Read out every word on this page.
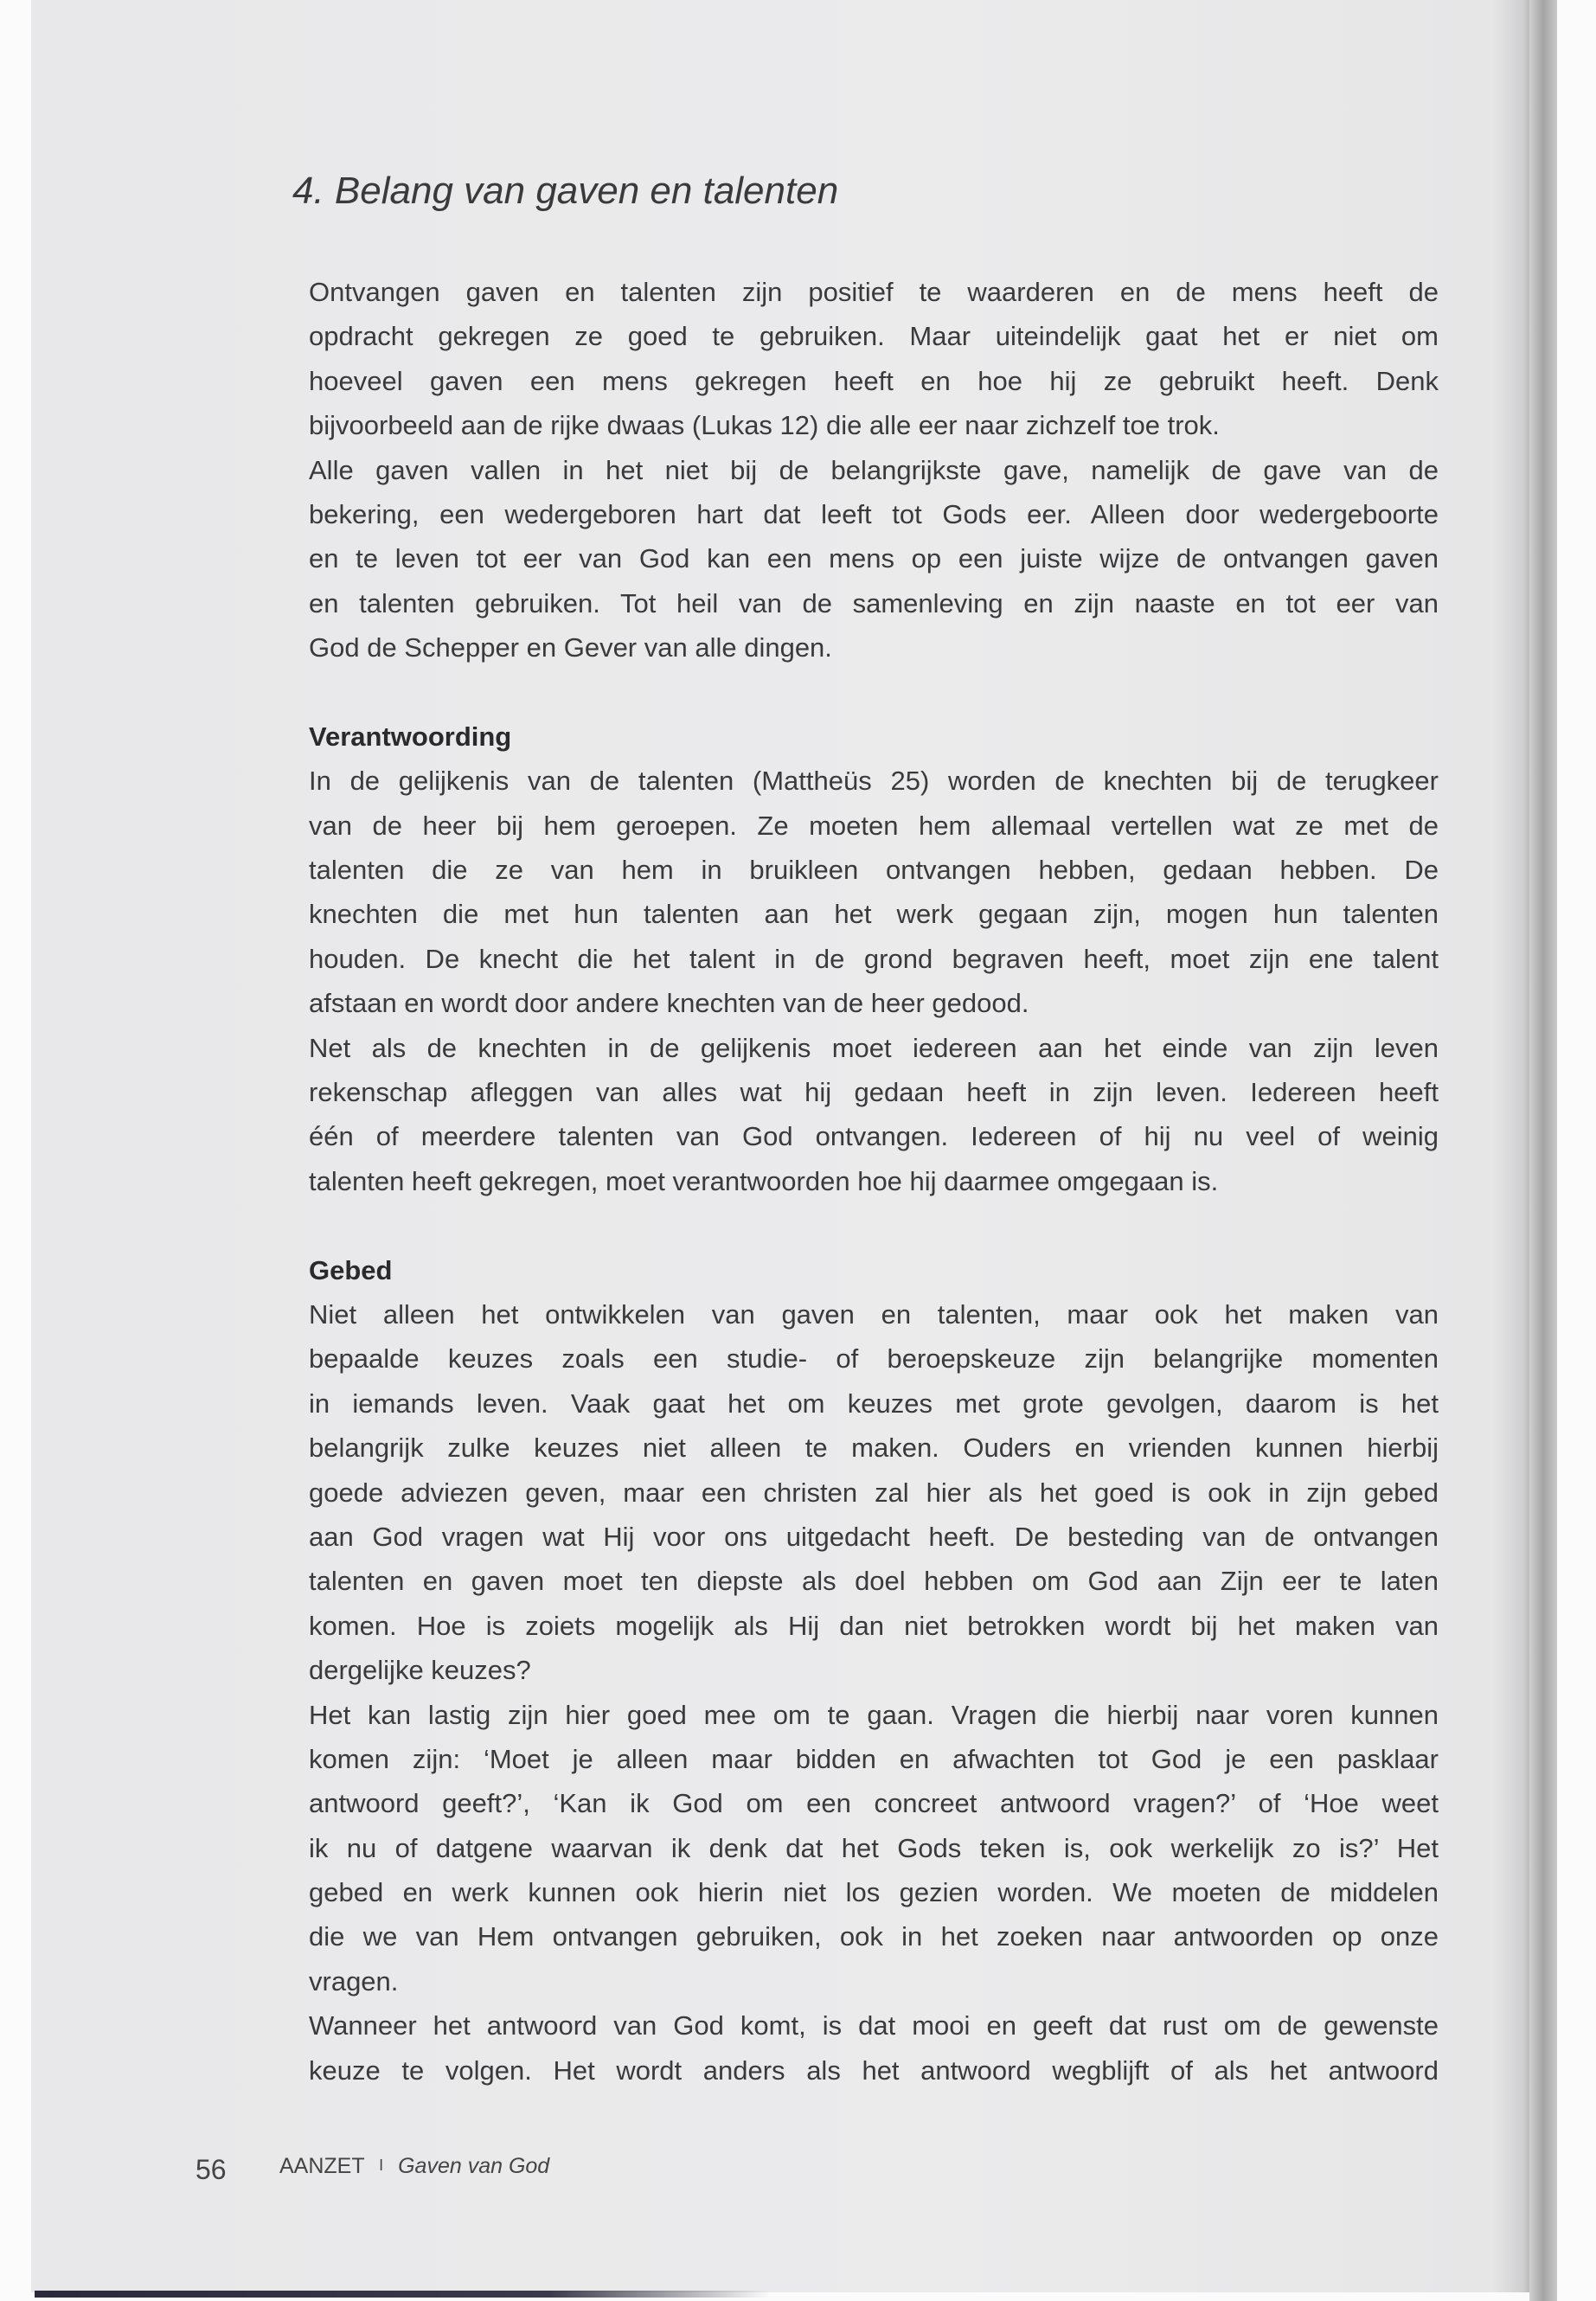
4. Belang van gaven en talenten
Ontvangen gaven en talenten zijn positief te waarderen en de mens heeft de
opdracht gekregen ze goed te gebruiken. Maar uiteindelijk gaat het er niet om
hoeveel gaven een mens gekregen heeft en hoe hij ze gebruikt heeft. Denk
bijvoorbeeld aan de rijke dwaas (Lukas 12) die alle eer naar zichzelf toe trok.
Alle gaven vallen in het niet bij de belangrijkste gave, namelijk de gave van de
bekering, een wedergeboren hart dat leeft tot Gods eer. Alleen door wedergeboorte
en te leven tot eer van God kan een mens op een juiste wijze de ontvangen gaven
en talenten gebruiken. Tot heil van de samenleving en zijn naaste en tot eer van
God de Schepper en Gever van alle dingen.
Verantwoording
In de gelijkenis van de talenten (Mattheüs 25) worden de knechten bij de terugkeer
van de heer bij hem geroepen. Ze moeten hem allemaal vertellen wat ze met de
talenten die ze van hem in bruikleen ontvangen hebben, gedaan hebben. De
knechten die met hun talenten aan het werk gegaan zijn, mogen hun talenten
houden. De knecht die het talent in de grond begraven heeft, moet zijn ene talent
afstaan en wordt door andere knechten van de heer gedood.
Net als de knechten in de gelijkenis moet iedereen aan het einde van zijn leven
rekenschap afleggen van alles wat hij gedaan heeft in zijn leven. Iedereen heeft
één of meerdere talenten van God ontvangen. Iedereen of hij nu veel of weinig
talenten heeft gekregen, moet verantwoorden hoe hij daarmee omgegaan is.
Gebed
Niet alleen het ontwikkelen van gaven en talenten, maar ook het maken van
bepaalde keuzes zoals een studie- of beroepskeuze zijn belangrijke momenten
in iemands leven. Vaak gaat het om keuzes met grote gevolgen, daarom is het
belangrijk zulke keuzes niet alleen te maken. Ouders en vrienden kunnen hierbij
goede adviezen geven, maar een christen zal hier als het goed is ook in zijn gebed
aan God vragen wat Hij voor ons uitgedacht heeft. De besteding van de ontvangen
talenten en gaven moet ten diepste als doel hebben om God aan Zijn eer te laten
komen. Hoe is zoiets mogelijk als Hij dan niet betrokken wordt bij het maken van
dergelijke keuzes?
Het kan lastig zijn hier goed mee om te gaan. Vragen die hierbij naar voren kunnen
komen zijn: ‘Moet je alleen maar bidden en afwachten tot God je een pasklaar
antwoord geeft?’, ‘Kan ik God om een concreet antwoord vragen?’ of ‘Hoe weet
ik nu of datgene waarvan ik denk dat het Gods teken is, ook werkelijk zo is?’ Het
gebed en werk kunnen ook hierin niet los gezien worden. We moeten de middelen
die we van Hem ontvangen gebruiken, ook in het zoeken naar antwoorden op onze
vragen.
Wanneer het antwoord van God komt, is dat mooi en geeft dat rust om de gewenste
keuze te volgen. Het wordt anders als het antwoord wegblijft of als het antwoord
56 AANZET I Gaven van God
